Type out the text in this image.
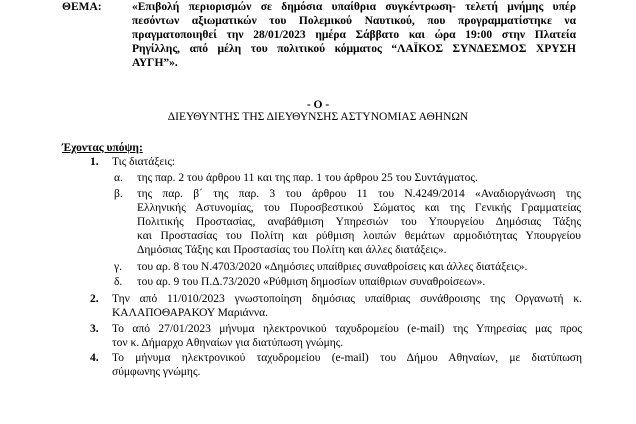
ΘΕΜΑ:	«Επιβολή περιορισμών σε δημόσια υπαίθρια συγκέντρωση- τελετή μνήμης υπέρ
πεσόντων αξιωματικών του Πολεμικού Ναυτικού, που προγραμματίστηκε να
πραγματοποιηθεί την 28/01/2023 ημέρα Σάββατο και ώρα 19:00 στην Πλατεία
Ρηγίλλης, από μέλη του πολιτικού κόμματος “ΛΑΪΚΟΣ ΣΥΝΔΕΣΜΟΣ ΧΡΥΣΗ
ΑΥΓΗ”».
- Ο -
ΔΙΕΥΘΥΝΤΗΣ ΤΗΣ ΔΙΕΥΘΥΝΣΗΣ ΑΣΤΥΝΟΜΙΑΣ ΑΘΗΝΩΝ
Έχοντας υπόψη:
1. Τις διατάξεις:
α. της παρ. 2 του άρθρου 11 και της παρ. 1 του άρθρου 25 του Συντάγματος.
β. της παρ. β΄ της παρ. 3 του άρθρου 11 του Ν.4249/2014 «Αναδιοργάνωση της
Ελληνικής Αστυνομίας, του Πυροσβεστικού Σώματος και της Γενικής Γραμματείας
Πολιτικής Προστασίας, αναβάθμιση Υπηρεσιών του Υπουργείου Δημόσιας Τάξης
και Προστασίας του Πολίτη και ρύθμιση λοιπών θεμάτων αρμοδιότητας Υπουργείου
Δημόσιας Τάξης και Προστασίας του Πολίτη και άλλες διατάξεις».
γ. του αρ. 8 του Ν.4703/2020 «Δημόσιες υπαίθριες συναθροίσεις και άλλες διατάξεις».
δ. του αρ. 9 του Π.Δ.73/2020 «Ρύθμιση δημοσίων υπαίθριων συναθροίσεων».
2. Την από 11/010/2023 γνωστοποίηση δημόσιας υπαίθριας συνάθροισης της Οργανωτή κ.
ΚΑΛΑΠΟΘΑΡΑΚΟΥ Μαριάννα.
3. Το από 27/01/2023 μήνυμα ηλεκτρονικού ταχυδρομείου (e-mail) της Υπηρεσίας μας προς
τον κ. Δήμαρχο Αθηναίων για διατύπωση γνώμης.
4. Το μήνυμα ηλεκτρονικού ταχυδρομείου (e-mail) του Δήμου Αθηναίων, με διατύπωση
σύμφωνης γνώμης.
